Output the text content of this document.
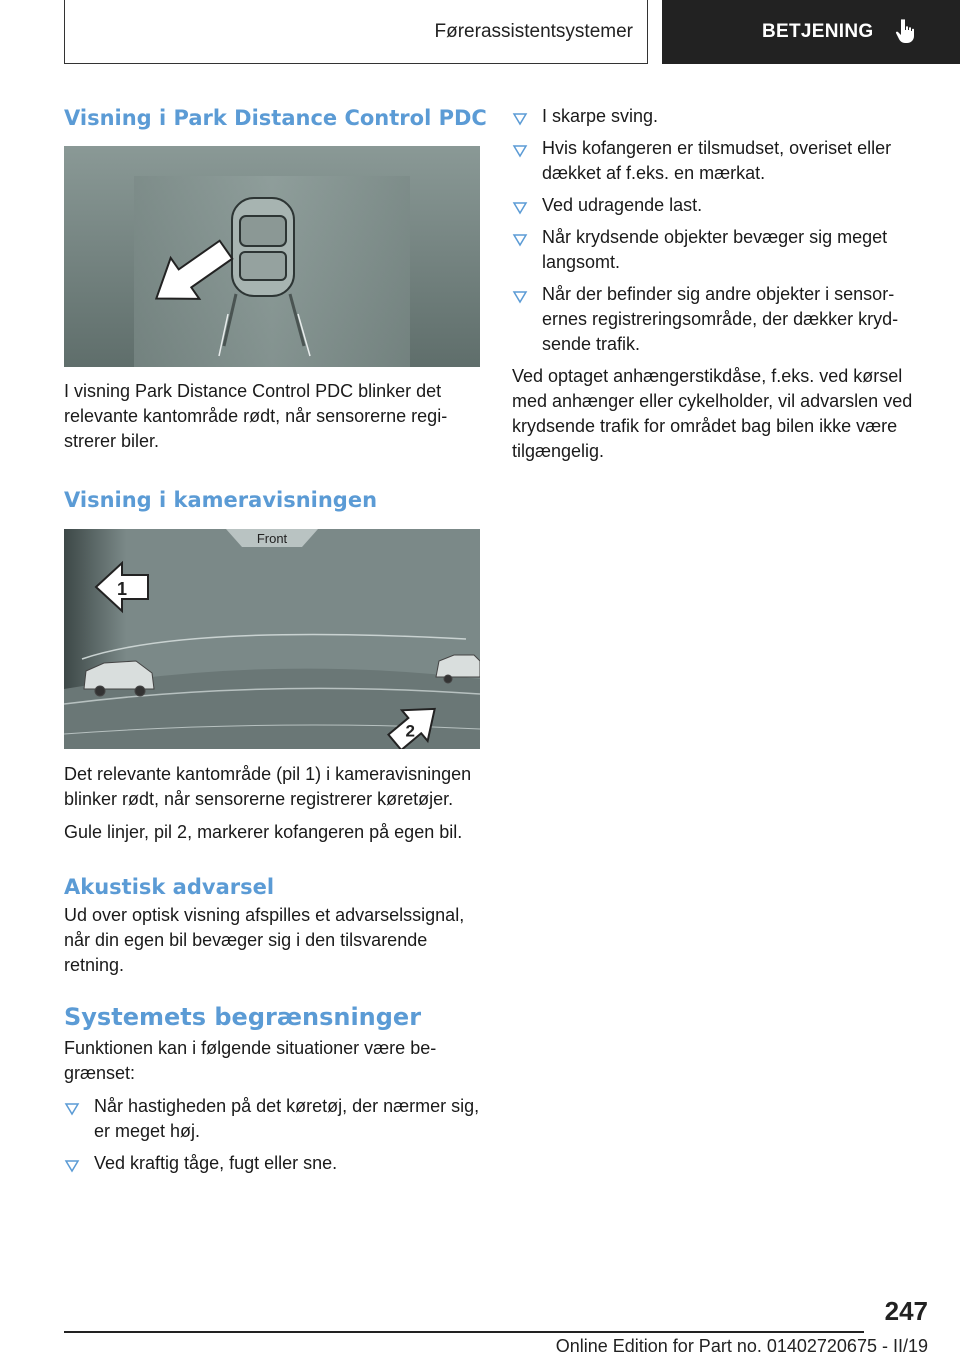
Førerassistentsystemer	BETJENING
Visning i Park Distance Control PDC

I visning Park Distance Control PDC blinker det relevante kantområde rødt, når sensorerne registrerer biler.

Visning i kameravisningen
Front
1
2

Det relevante kantområde (pil 1) i kameravisningen blinker rødt, når sensorerne registrerer køretøjer.

Gule linjer, pil 2, markerer kofangeren på egen bil.

Akustisk advarsel

Ud over optisk visning afspilles et advarselssignal, når din egen bil bevæger sig i den tilsvarende retning.

Systemets begrænsninger

Funktionen kan i følgende situationer være begrænset:

Når hastigheden på det køretøj, der nærmer sig, er meget høj.
Ved kraftig tåge, fugt eller sne.
I skarpe sving.
Hvis kofangeren er tilsmudset, overiset eller dækket af f.eks. en mærkat.
Ved udragende last.
Når krydsende objekter bevæger sig meget langsomt.
Når der befinder sig andre objekter i sensorernes registreringsområde, der dækker krydsende trafik.

Ved optaget anhængerstikdåse, f.eks. ved kørsel med anhænger eller cykelholder, vil advarslen ved krydsende trafik for området bag bilen ikke være tilgængelig.

247
Online Edition for Part no. 01402720675 - II/19
